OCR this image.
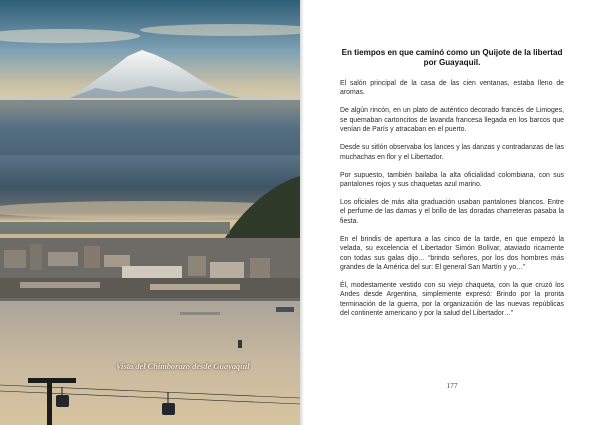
Vista del Chimborazo desde Guayaquil
En tiempos en que caminó como un Quijote de la libertad por Guayaquil.

El salón principal de la casa de las cien ventanas, estaba lleno de aromas.

De algún rincón, en un plato de auténtico decorado francés de Limoges, se quemaban cartoncitos de lavanda francesa llegada en los barcos que venían de París y atracaban en el puerto.

Desde su sitlón observaba los lances y las danzas y contradanzas de las muchachas en flor y el Libertador.

Por supuesto, también bailaba la alta oficialidad colombiana, con sus pantalones rojos y sus chaquetas azul marino.

Los oficiales de más alta graduación usaban pantalones blancos. Entre el perfume de las damas y el brillo de las doradas charreteras pasaba la fiesta.

En el brindis de apertura a las cinco de la tarde, en que empezó la velada, su excelencia el Libertador Simón Bolívar, ataviado ricamente con todas sus galas dijo… “brindo señores, por los dos hombres más grandes de la América del sur: El general San Martín y yo…”

Él, modestamente vestido con su viejo chaqueta, con la que cruzó los Andes desde Argentina, simplemente expresó: Brindo por la pronta terminación de la guerra, por la organización de las nuevas repúblicas del continente americano y por la salud del Libertador…”

177
